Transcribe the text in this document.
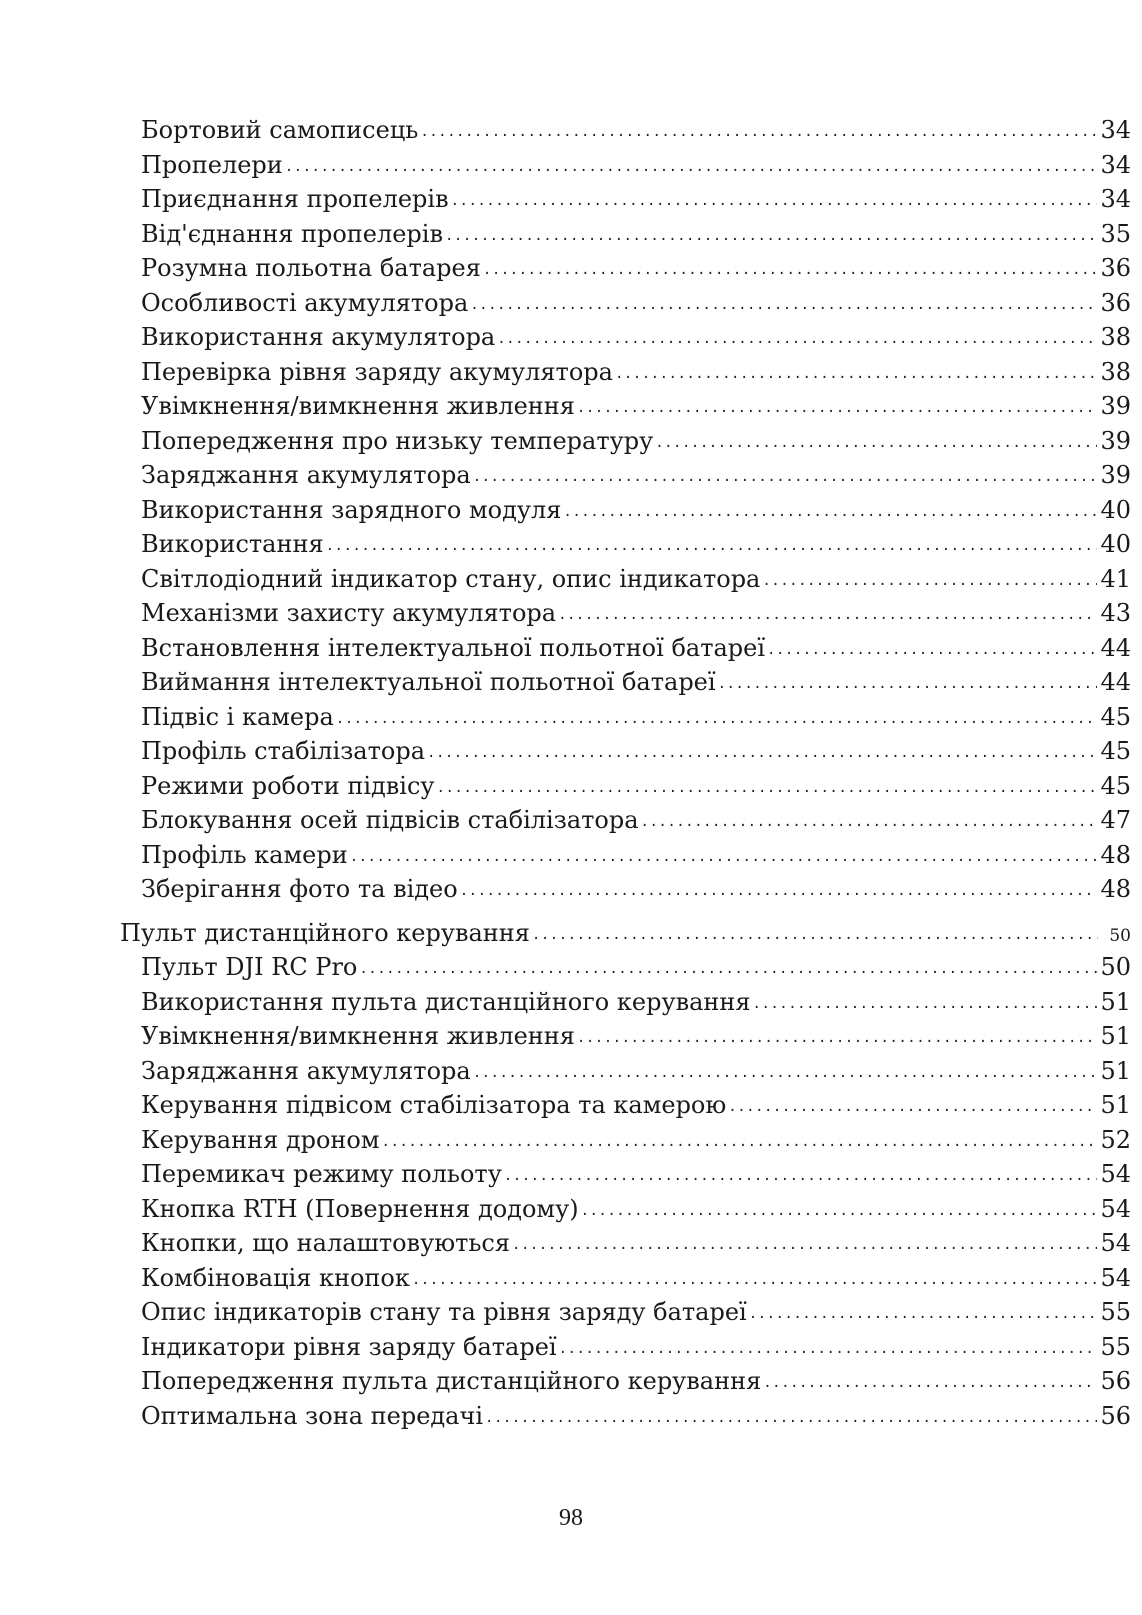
Бортовий самописець .....	34
Пропелери .....	34
Приєднання пропелерів .....	34
Від'єднання пропелерів .....	35
Розумна польотна батарея .....	36
Особливості акумулятора .....	36
Використання акумулятора .....	38
Перевірка рівня заряду акумулятора .....	38
Увімкнення/вимкнення живлення .....	39
Попередження про низьку температуру .....	39
Заряджання акумулятора .....	39
Використання зарядного модуля .....	40
Використання .....	40
Світлодіодний індикатор стану, опис індикатора .....	41
Механізми захисту акумулятора .....	43
Встановлення інтелектуальної польотної батареї .....	44
Виймання інтелектуальної польотної батареї .....	44
Підвіс і камера .....	45
Профіль стабілізатора .....	45
Режими роботи підвісу .....	45
Блокування осей підвісів стабілізатора .....	47
Профіль камери .....	48
Зберігання фото та відео .....	48
Пульт дистанційного керування .....	50
Пульт DJI RC Pro .....	50
Використання пульта дистанційного керування .....	51
Увімкнення/вимкнення живлення .....	51
Заряджання акумулятора .....	51
Керування підвісом стабілізатора та камерою .....	51
Керування дроном .....	52
Перемикач режиму польоту .....	54
Кнопка RTH (Повернення додому) .....	54
Кнопки, що налаштовуються .....	54
Комбіновація кнопок .....	54
Опис індикаторів стану та рівня заряду батареї .....	55
Індикатори рівня заряду батареї .....	55
Попередження пульта дистанційного керування .....	56
Оптимальна зона передачі .....	56
98
